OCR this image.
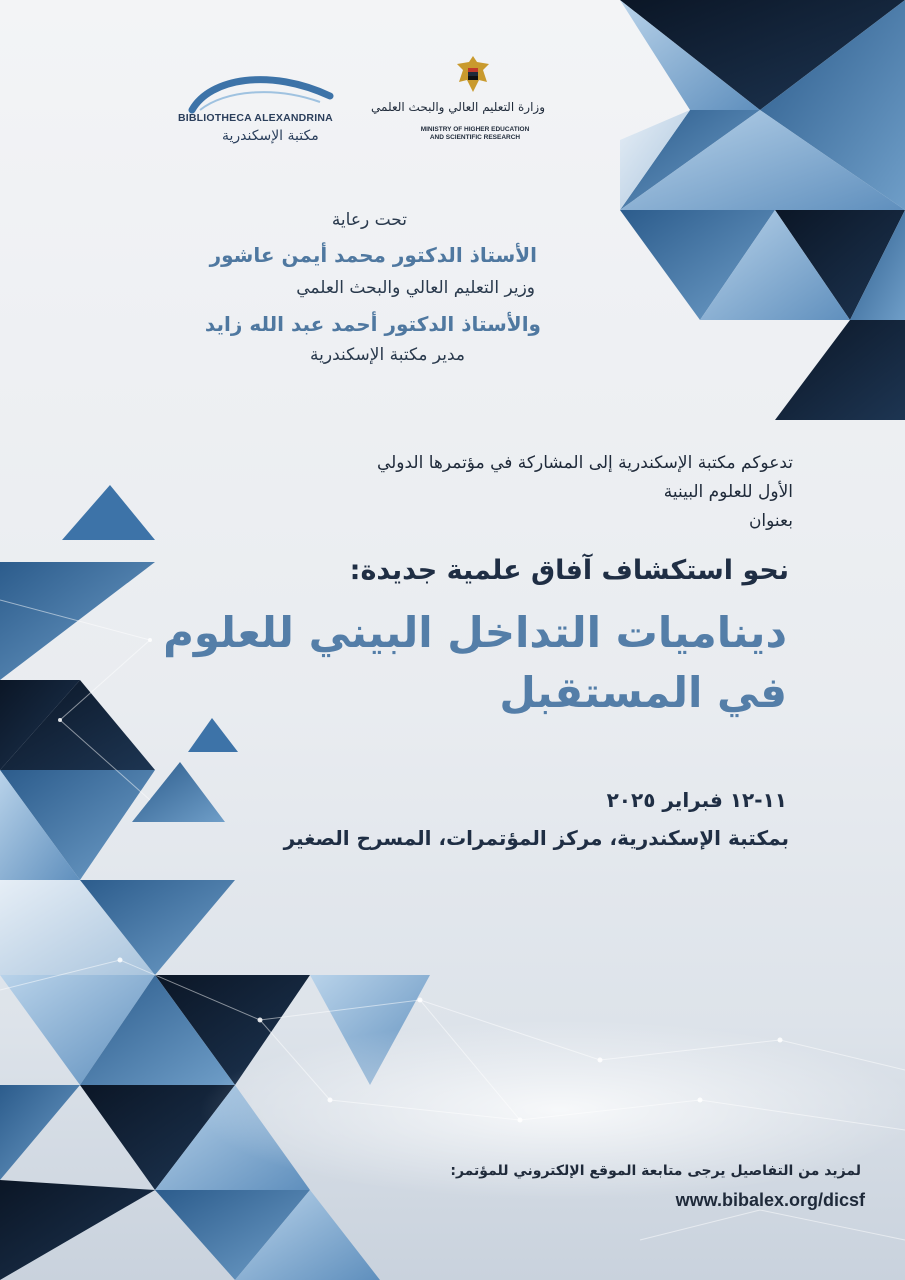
BIBLIOTHECA ALEXANDRINA
مكتبة الإسكندرية
وزارة التعليم العالي والبحث العلمي
MINISTRY OF HIGHER EDUCATION
AND SCIENTIFIC RESEARCH
تحت رعاية
الأستاذ الدكتور محمد أيمن عاشور
وزير التعليم العالي والبحث العلمي
والأستاذ الدكتور أحمد عبد الله زايد
مدير مكتبة الإسكندرية
تدعوكم مكتبة الإسكندرية إلى المشاركة في مؤتمرها الدولي
الأول للعلوم البينية
بعنوان
نحو استكشاف آفاق علمية جديدة:
ديناميات التداخل البيني للعلوم
في المستقبل
١١-١٢ فبراير ٢٠٢٥
بمكتبة الإسكندرية، مركز المؤتمرات، المسرح الصغير
لمزيد من التفاصيل يرجى متابعة الموقع الإلكتروني للمؤتمر:
www.bibalex.org/dicsf
